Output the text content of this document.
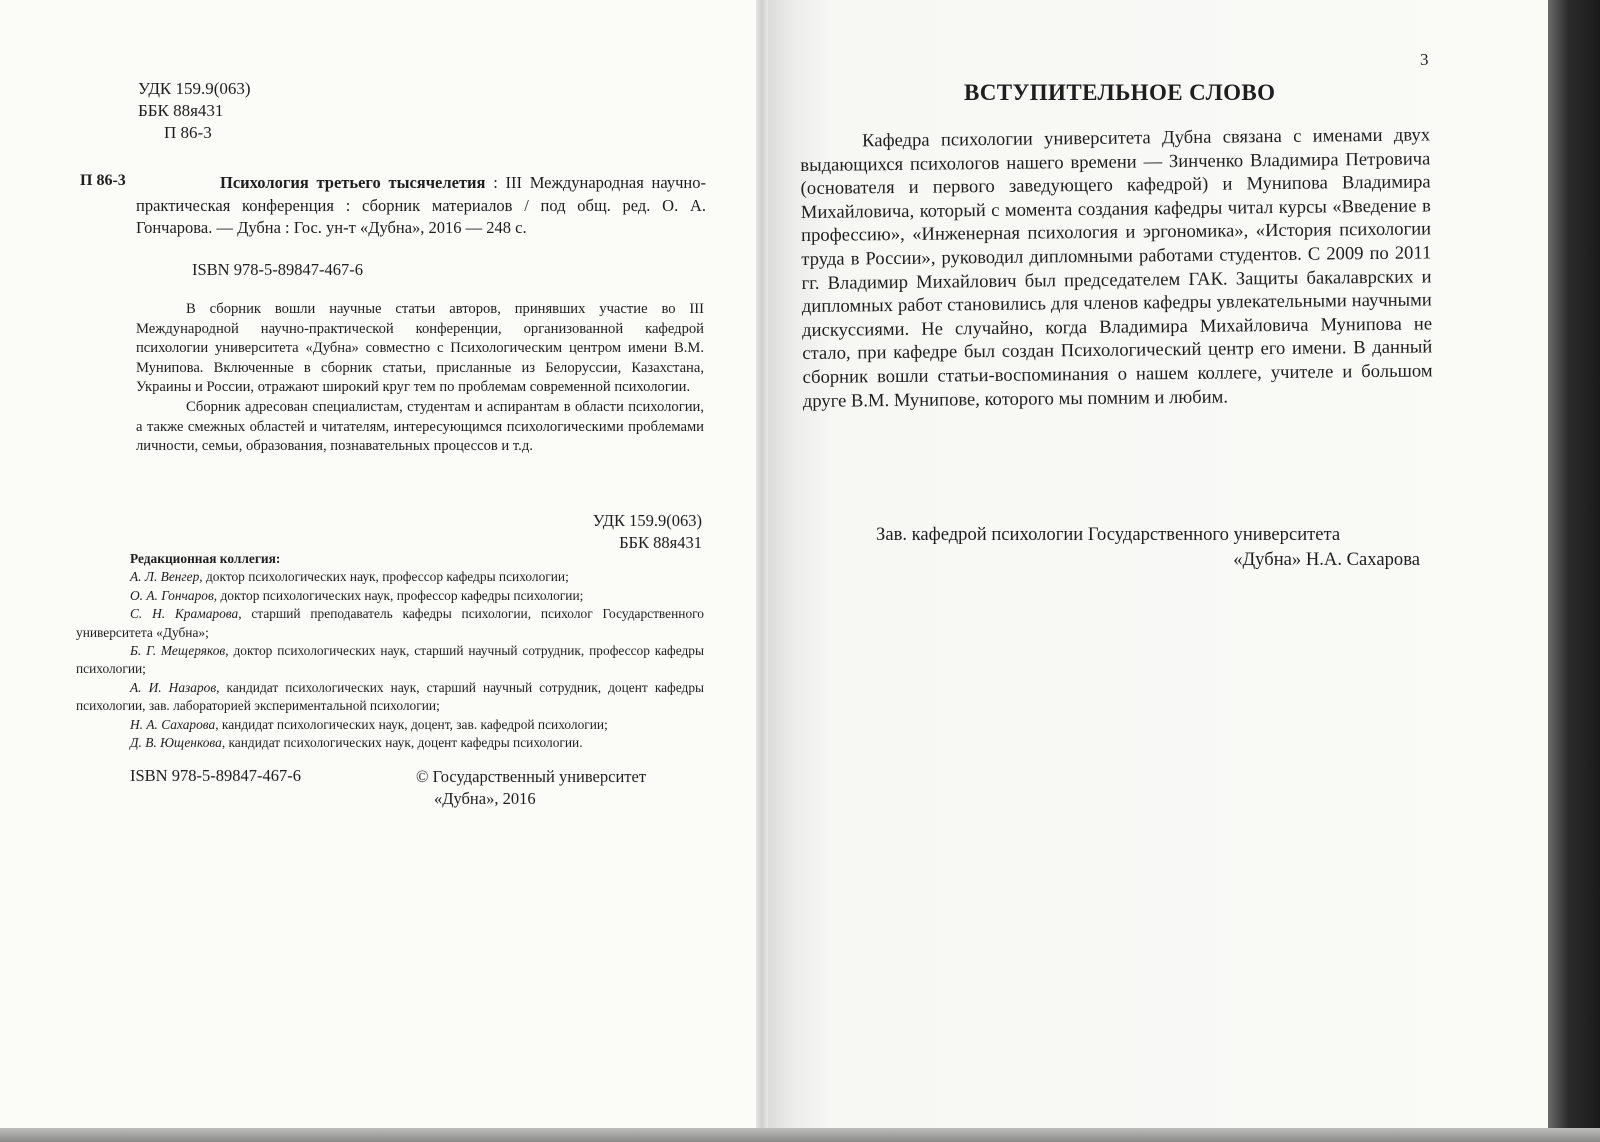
УДК 159.9(063)
ББК 88я431
П 86-3
П 86-3	Психология третьего тысячелетия : III Международная научно-практическая конференция : сборник материалов / под общ. ред. О. А. Гончарова. — Дубна : Гос. ун-т «Дубна», 2016 — 248 с.
ISBN 978-5-89847-467-6

В сборник вошли научные статьи авторов, принявших участие во III Международной научно-практической конференции, организованной кафедрой психологии университета «Дубна» совместно с Психологическим центром имени В.М. Мунипова. Включенные в сборник статьи, присланные из Белоруссии, Казахстана, Украины и России, отражают широкий круг тем по проблемам современной психологии.

Сборник адресован специалистам, студентам и аспирантам в области психологии, а также смежных областей и читателям, интересующимся психологическими проблемами личности, семьи, образования, познавательных процессов и т.д.

УДК 159.9(063)
ББК 88я431
Редакционная коллегия:
А. Л. Венгер, доктор психологических наук, профессор кафедры психологии;
О. А. Гончаров, доктор психологических наук, профессор кафедры психологии;
С. Н. Крамарова, старший преподаватель кафедры психологии, психолог Государственного университета «Дубна»;
Б. Г. Мещеряков, доктор психологических наук, старший научный сотрудник, профессор кафедры психологии;
А. И. Назаров, кандидат психологических наук, старший научный сотрудник, доцент кафедры психологии, зав. лабораторией экспериментальной психологии;
Н. А. Сахарова, кандидат психологических наук, доцент, зав. кафедрой психологии;
Д. В. Ющенкова, кандидат психологических наук, доцент кафедры психологии.
ISBN 978-5-89847-467-6	© Государственный университет
«Дубна», 2016
3
ВСТУПИТЕЛЬНОЕ СЛОВО

Кафедра психологии университета Дубна связана с именами двух выдающихся психологов нашего времени — Зинченко Владимира Петровича (основателя и первого заведующего кафедрой) и Мунипова Владимира Михайловича, который с момента создания кафедры читал курсы «Введение в профессию», «Инженерная психология и эргономика», «История психологии труда в России», руководил дипломными работами студентов. С 2009 по 2011 гг. Владимир Михайлович был председателем ГАК. Защиты бакалаврских и дипломных работ становились для членов кафедры увлекательными научными дискуссиями. Не случайно, когда Владимира Михайловича Мунипова не стало, при кафедре был создан Психологический центр его имени. В данный сборник вошли статьи-воспоминания о нашем коллеге, учителе и большом друге В.М. Мунипове, которого мы помним и любим.

Зав. кафедрой психологии Государственного университета
«Дубна» Н.А. Сахарова
